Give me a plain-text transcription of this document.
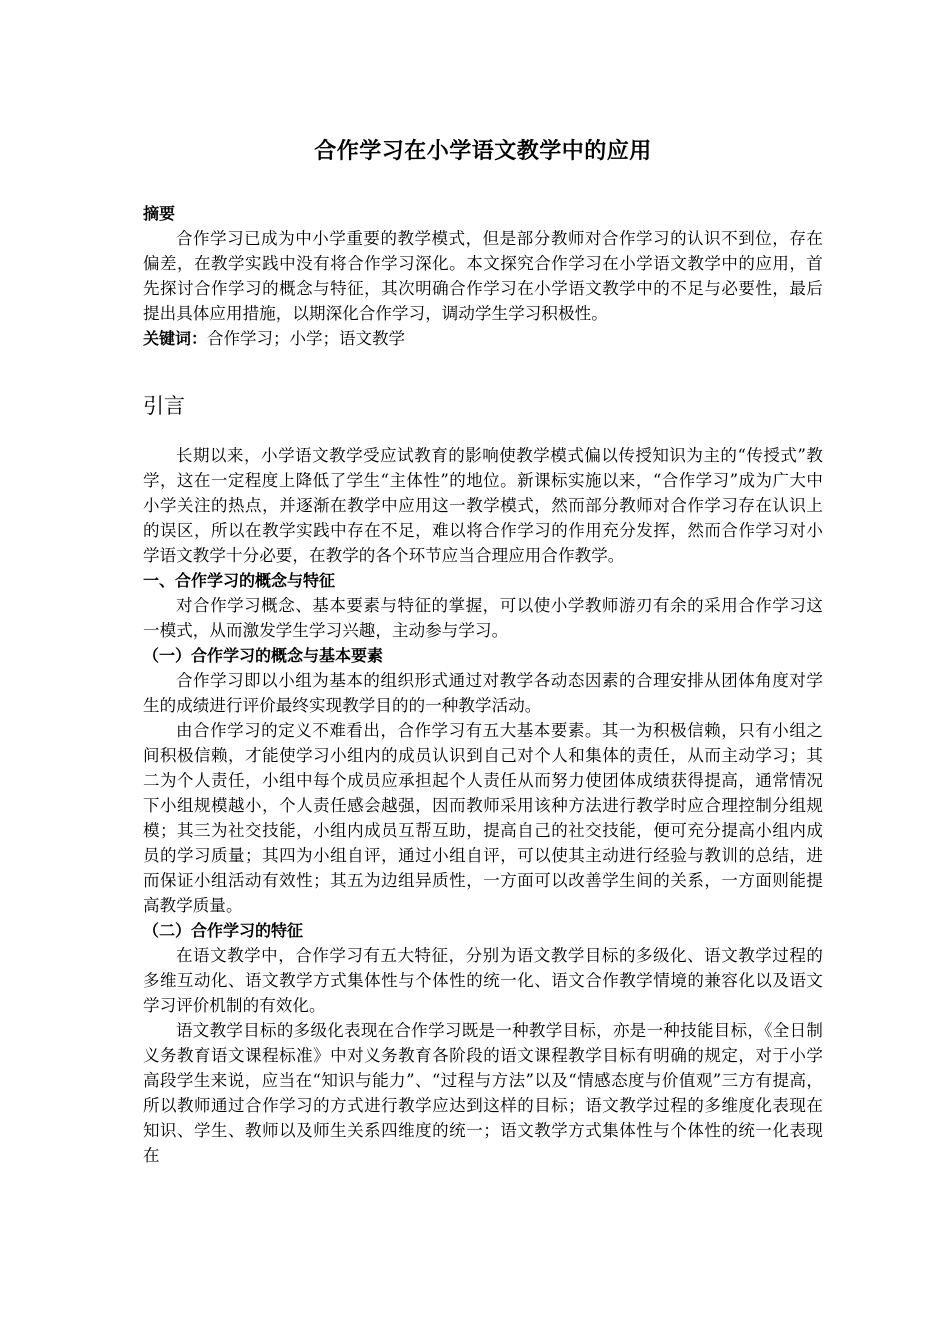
合作学习在小学语文教学中的应用

摘要

合作学习已成为中小学重要的教学模式，但是部分教师对合作学习的认识不到位，存在偏差，在教学实践中没有将合作学习深化。本文探究合作学习在小学语文教学中的应用，首先探讨合作学习的概念与特征，其次明确合作学习在小学语文教学中的不足与必要性，最后提出具体应用措施，以期深化合作学习，调动学生学习积极性。

关键词：合作学习；小学；语文教学

引言

长期以来，小学语文教学受应试教育的影响使教学模式偏以传授知识为主的“传授式”教学，这在一定程度上降低了学生“主体性”的地位。新课标实施以来，“合作学习”成为广大中小学关注的热点，并逐渐在教学中应用这一教学模式，然而部分教师对合作学习存在认识上的误区，所以在教学实践中存在不足，难以将合作学习的作用充分发挥，然而合作学习对小学语文教学十分必要，在教学的各个环节应当合理应用合作教学。

一、合作学习的概念与特征

对合作学习概念、基本要素与特征的掌握，可以使小学教师游刃有余的采用合作学习这一模式，从而激发学生学习兴趣，主动参与学习。

（一）合作学习的概念与基本要素

合作学习即以小组为基本的组织形式通过对教学各动态因素的合理安排从团体角度对学生的成绩进行评价最终实现教学目的的一种教学活动。

由合作学习的定义不难看出，合作学习有五大基本要素。其一为积极信赖，只有小组之间积极信赖，才能使学习小组内的成员认识到自己对个人和集体的责任，从而主动学习；其二为个人责任，小组中每个成员应承担起个人责任从而努力使团体成绩获得提高，通常情况下小组规模越小，个人责任感会越强，因而教师采用该种方法进行教学时应合理控制分组规模；其三为社交技能，小组内成员互帮互助，提高自己的社交技能，便可充分提高小组内成员的学习质量；其四为小组自评，通过小组自评，可以使其主动进行经验与教训的总结，进而保证小组活动有效性；其五为边组异质性，一方面可以改善学生间的关系，一方面则能提高教学质量。

（二）合作学习的特征

在语文教学中，合作学习有五大特征，分别为语文教学目标的多级化、语文教学过程的多维互动化、语文教学方式集体性与个体性的统一化、语文合作教学情境的兼容化以及语文学习评价机制的有效化。

语文教学目标的多级化表现在合作学习既是一种教学目标，亦是一种技能目标，《全日制义务教育语文课程标准》中对义务教育各阶段的语文课程教学目标有明确的规定，对于小学高段学生来说，应当在“知识与能力”、“过程与方法”以及“情感态度与价值观”三方有提高，所以教师通过合作学习的方式进行教学应达到这样的目标；语文教学过程的多维度化表现在知识、学生、教师以及师生关系四维度的统一；语文教学方式集体性与个体性的统一化表现在
